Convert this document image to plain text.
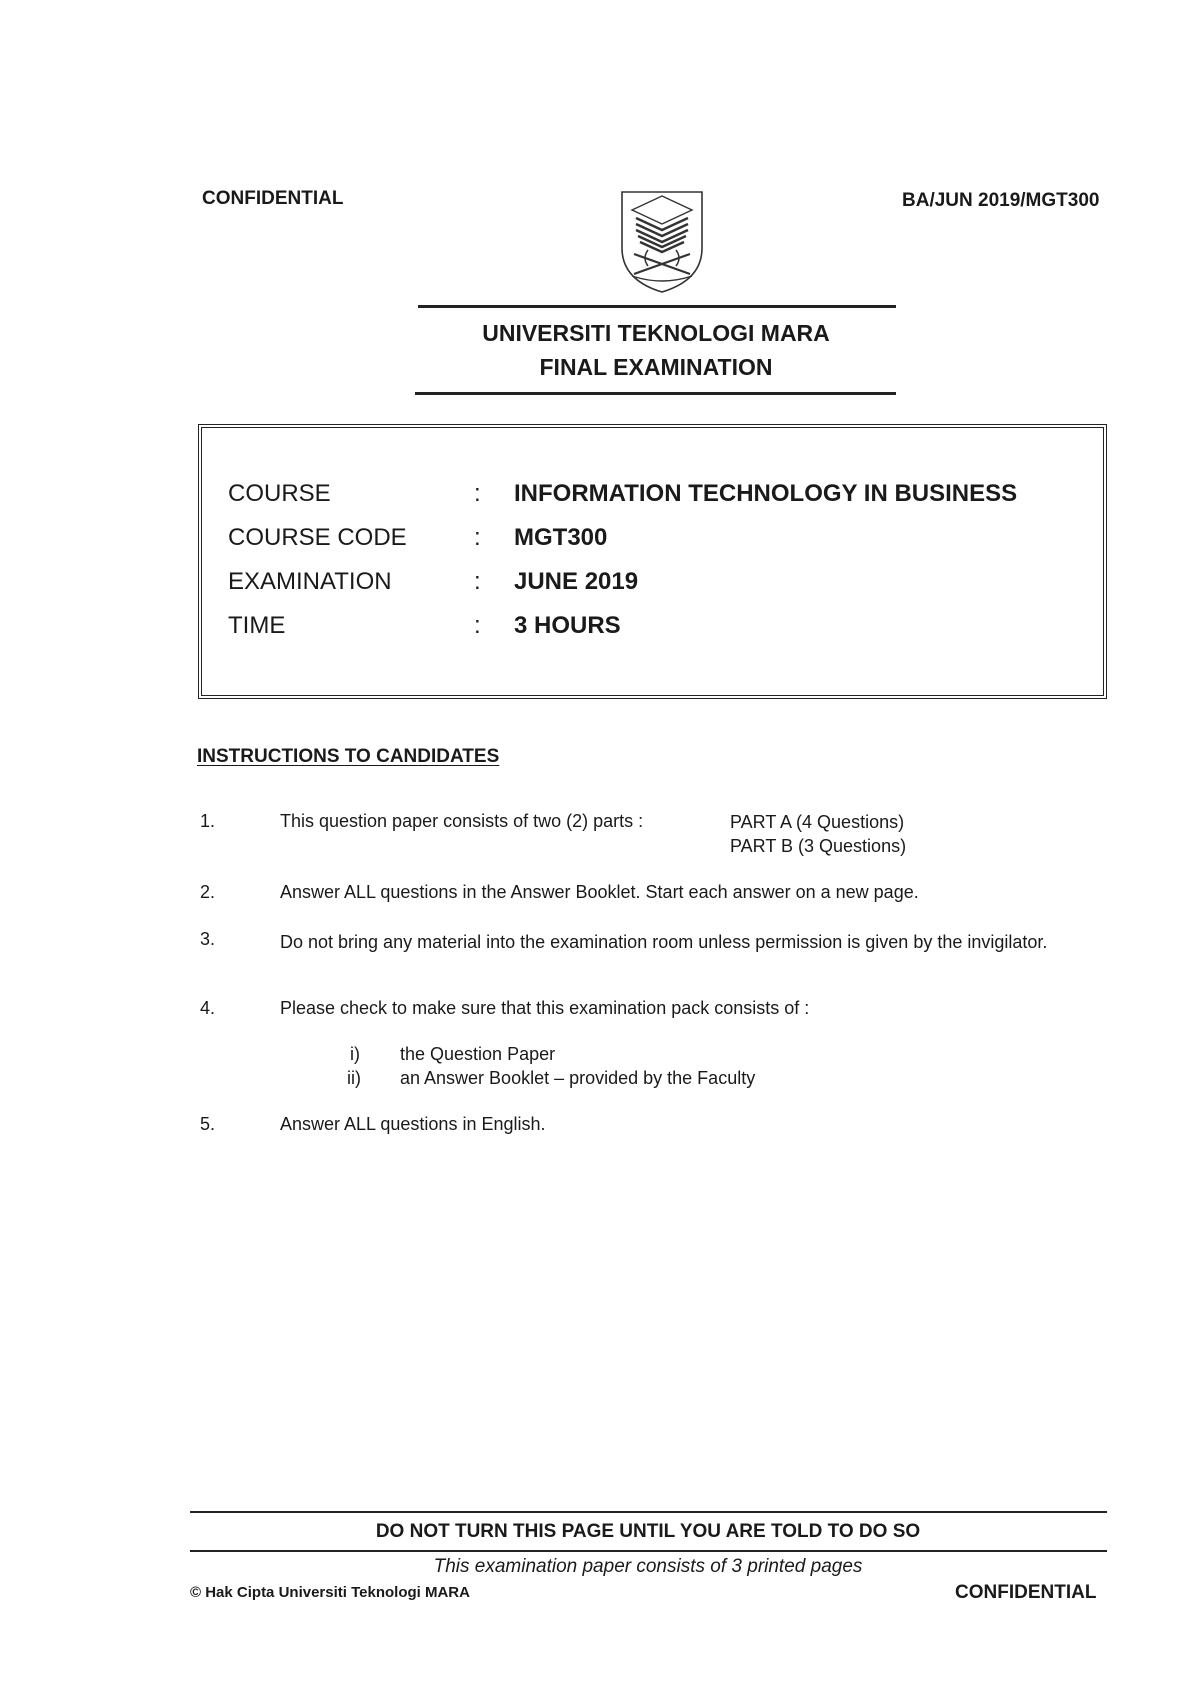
CONFIDENTIAL	BA/JUN 2019/MGT300
UNIVERSITI TEKNOLOGI MARA
FINAL EXAMINATION
COURSE	: INFORMATION TECHNOLOGY IN BUSINESS
COURSE CODE	: MGT300
EXAMINATION	: JUNE 2019
TIME	: 3 HOURS
INSTRUCTIONS TO CANDIDATES
1.	This question paper consists of two (2) parts :	PART A (4 Questions)
PART B (3 Questions)
2.	Answer ALL questions in the Answer Booklet. Start each answer on a new page.
3.	Do not bring any material into the examination room unless permission is given by the invigilator.
4.	Please check to make sure that this examination pack consists of :
i) the Question Paper
ii) an Answer Booklet – provided by the Faculty
5.	Answer ALL questions in English.
DO NOT TURN THIS PAGE UNTIL YOU ARE TOLD TO DO SO
This examination paper consists of 3 printed pages
© Hak Cipta Universiti Teknologi MARA	CONFIDENTIAL
